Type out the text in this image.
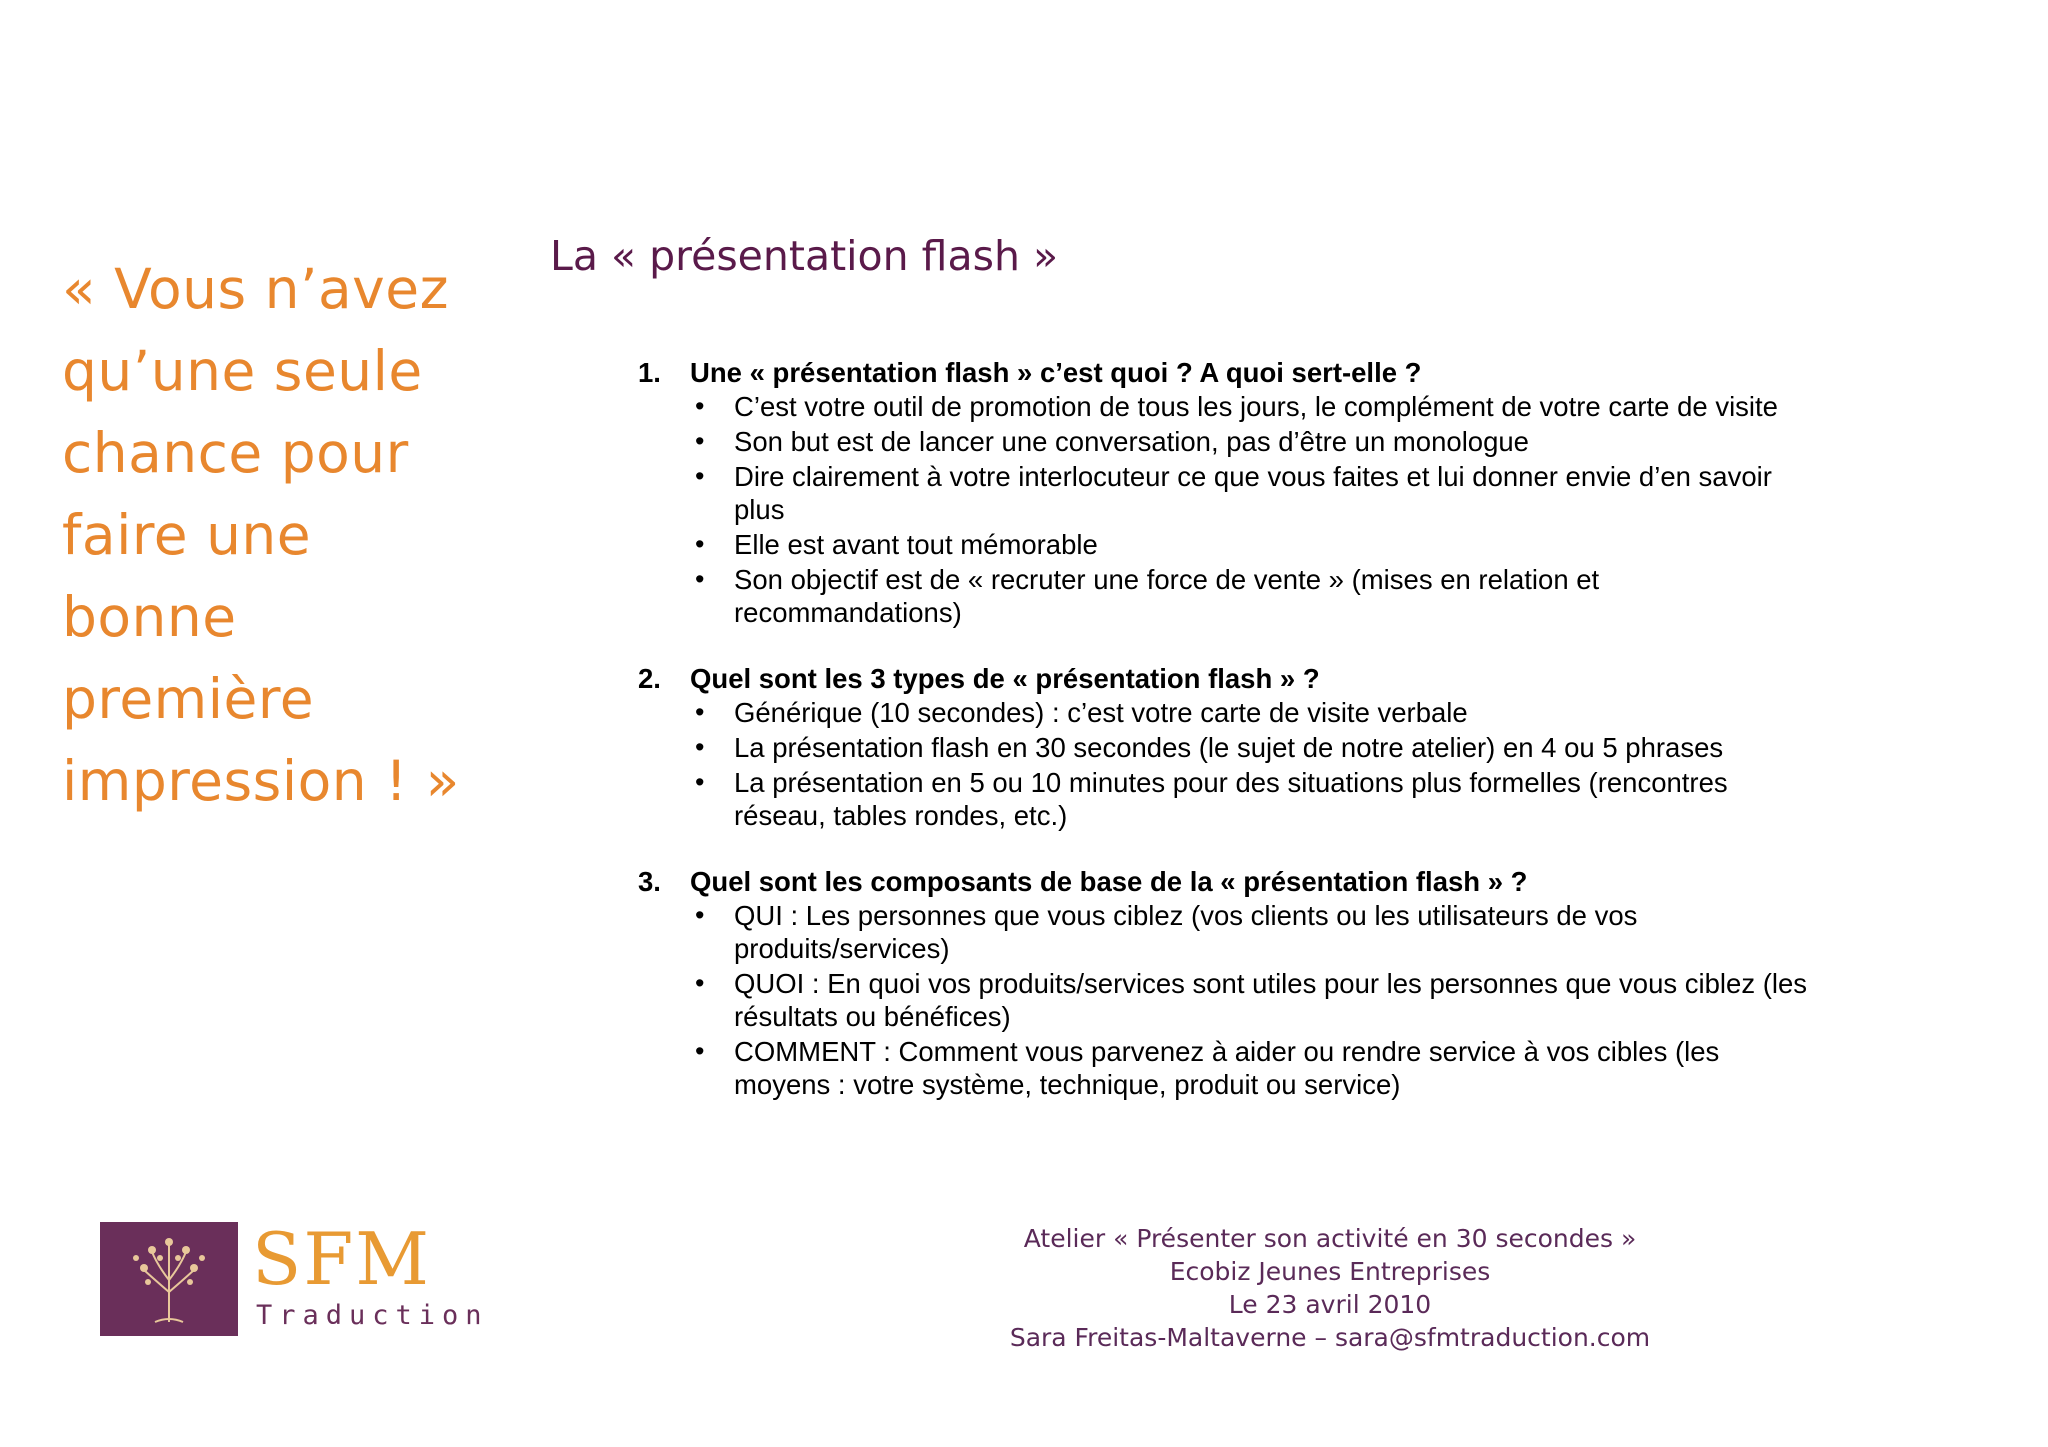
« Vous n’avez
qu’une seule
chance pour
faire une
bonne
première
impression ! »
La « présentation flash »
1. Une « présentation flash » c’est quoi ? A quoi sert-elle ?
• C’est votre outil de promotion de tous les jours, le complément de votre carte de visite
• Son but est de lancer une conversation, pas d’être un monologue
• Dire clairement à votre interlocuteur ce que vous faites et lui donner envie d’en savoir
plus
• Elle est avant tout mémorable
• Son objectif est de « recruter une force de vente » (mises en relation et
recommandations)
2. Quel sont les 3 types de « présentation flash » ?
• Générique (10 secondes) : c’est votre carte de visite verbale
• La présentation flash en 30 secondes (le sujet de notre atelier) en 4 ou 5 phrases
• La présentation en 5 ou 10 minutes pour des situations plus formelles (rencontres
réseau, tables rondes, etc.)
3. Quel sont les composants de base de la « présentation flash » ?
• QUI : Les personnes que vous ciblez (vos clients ou les utilisateurs de vos
produits/services)
• QUOI : En quoi vos produits/services sont utiles pour les personnes que vous ciblez (les
résultats ou bénéfices)
• COMMENT : Comment vous parvenez à aider ou rendre service à vos cibles (les
moyens : votre système, technique, produit ou service)
SFM
Traduction
Atelier « Présenter son activité en 30 secondes »
Ecobiz Jeunes Entreprises
Le 23 avril 2010
Sara Freitas-Maltaverne – sara@sfmtraduction.com
